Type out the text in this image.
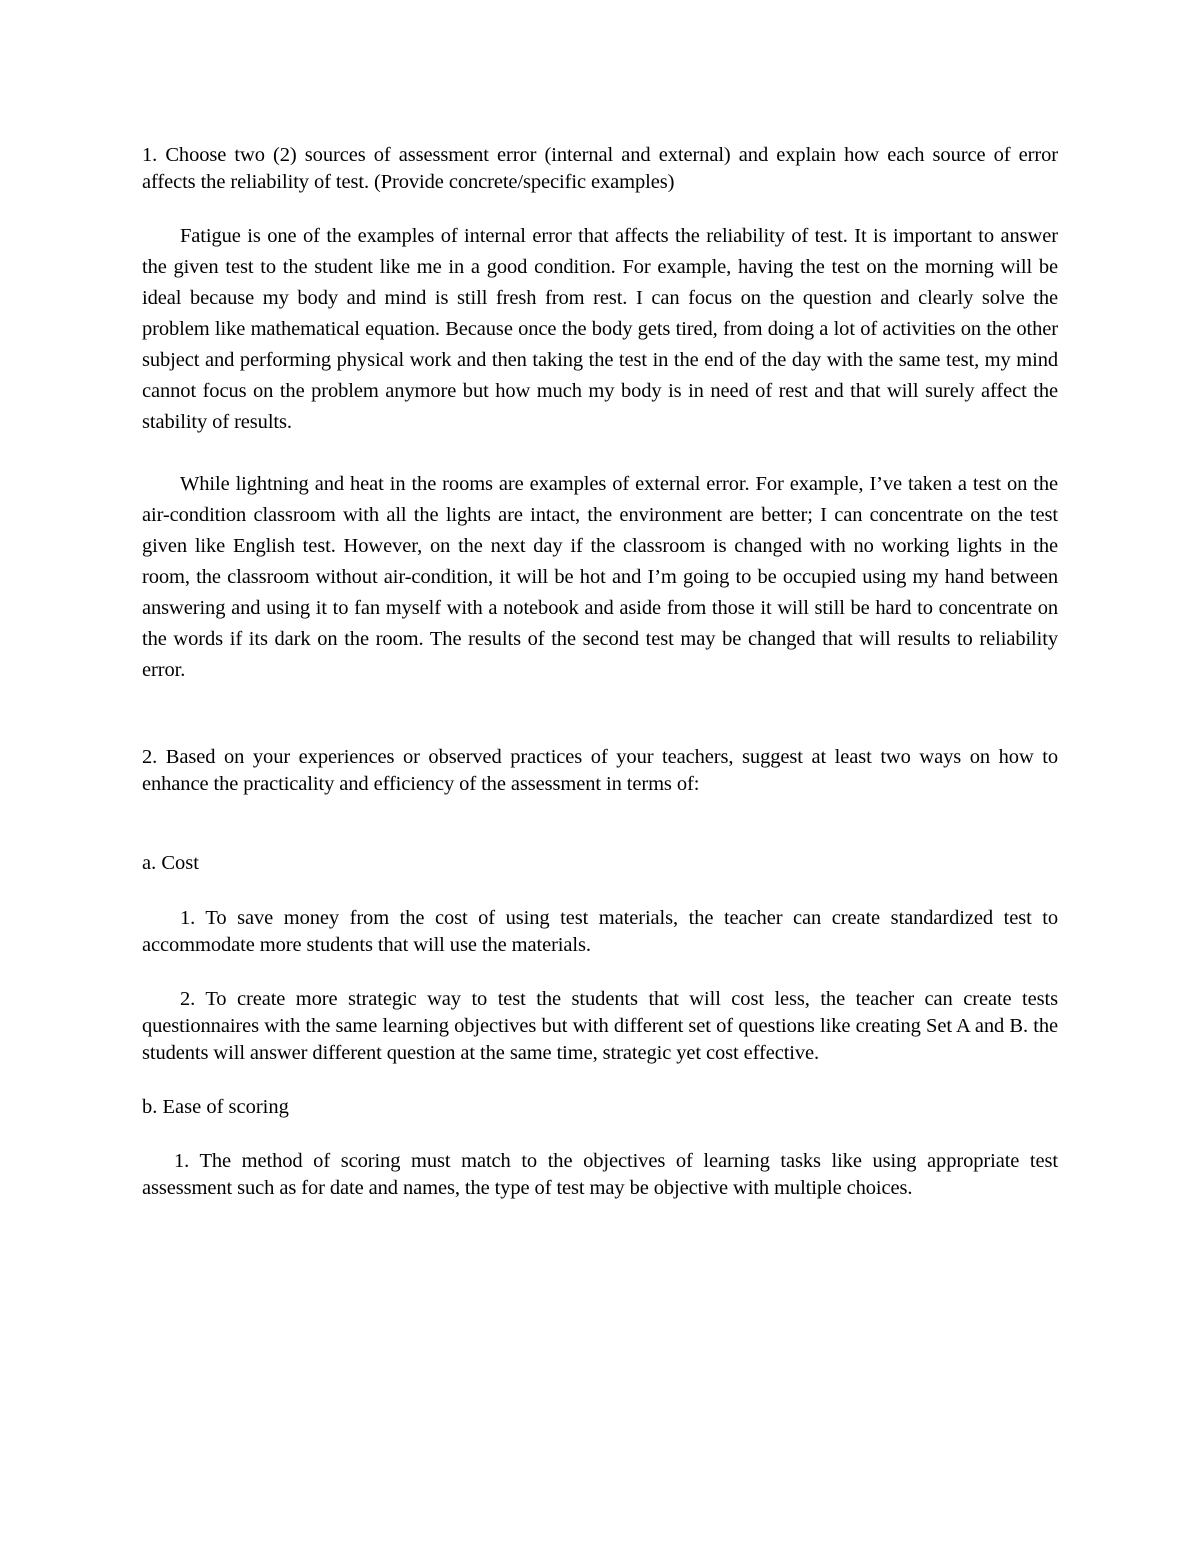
1. Choose two (2) sources of assessment error (internal and external) and explain how each source of error affects the reliability of test. (Provide concrete/specific examples)

Fatigue is one of the examples of internal error that affects the reliability of test. It is important to answer the given test to the student like me in a good condition. For example, having the test on the morning will be ideal because my body and mind is still fresh from rest. I can focus on the question and clearly solve the problem like mathematical equation. Because once the body gets tired, from doing a lot of activities on the other subject and performing physical work and then taking the test in the end of the day with the same test, my mind cannot focus on the problem anymore but how much my body is in need of rest and that will surely affect the stability of results.

While lightning and heat in the rooms are examples of external error. For example, I’ve taken a test on the air-condition classroom with all the lights are intact, the environment are better; I can concentrate on the test given like English test. However, on the next day if the classroom is changed with no working lights in the room, the classroom without air-condition, it will be hot and I’m going to be occupied using my hand between answering and using it to fan myself with a notebook and aside from those it will still be hard to concentrate on the words if its dark on the room. The results of the second test may be changed that will results to reliability error.

2. Based on your experiences or observed practices of your teachers, suggest at least two ways on how to enhance the practicality and efficiency of the assessment in terms of:

a. Cost

1. To save money from the cost of using test materials, the teacher can create standardized test to accommodate more students that will use the materials.

2. To create more strategic way to test the students that will cost less, the teacher can create tests questionnaires with the same learning objectives but with different set of questions like creating Set A and B. the students will answer different question at the same time, strategic yet cost effective.

b. Ease of scoring

1. The method of scoring must match to the objectives of learning tasks like using appropriate test assessment such as for date and names, the type of test may be objective with multiple choices.
